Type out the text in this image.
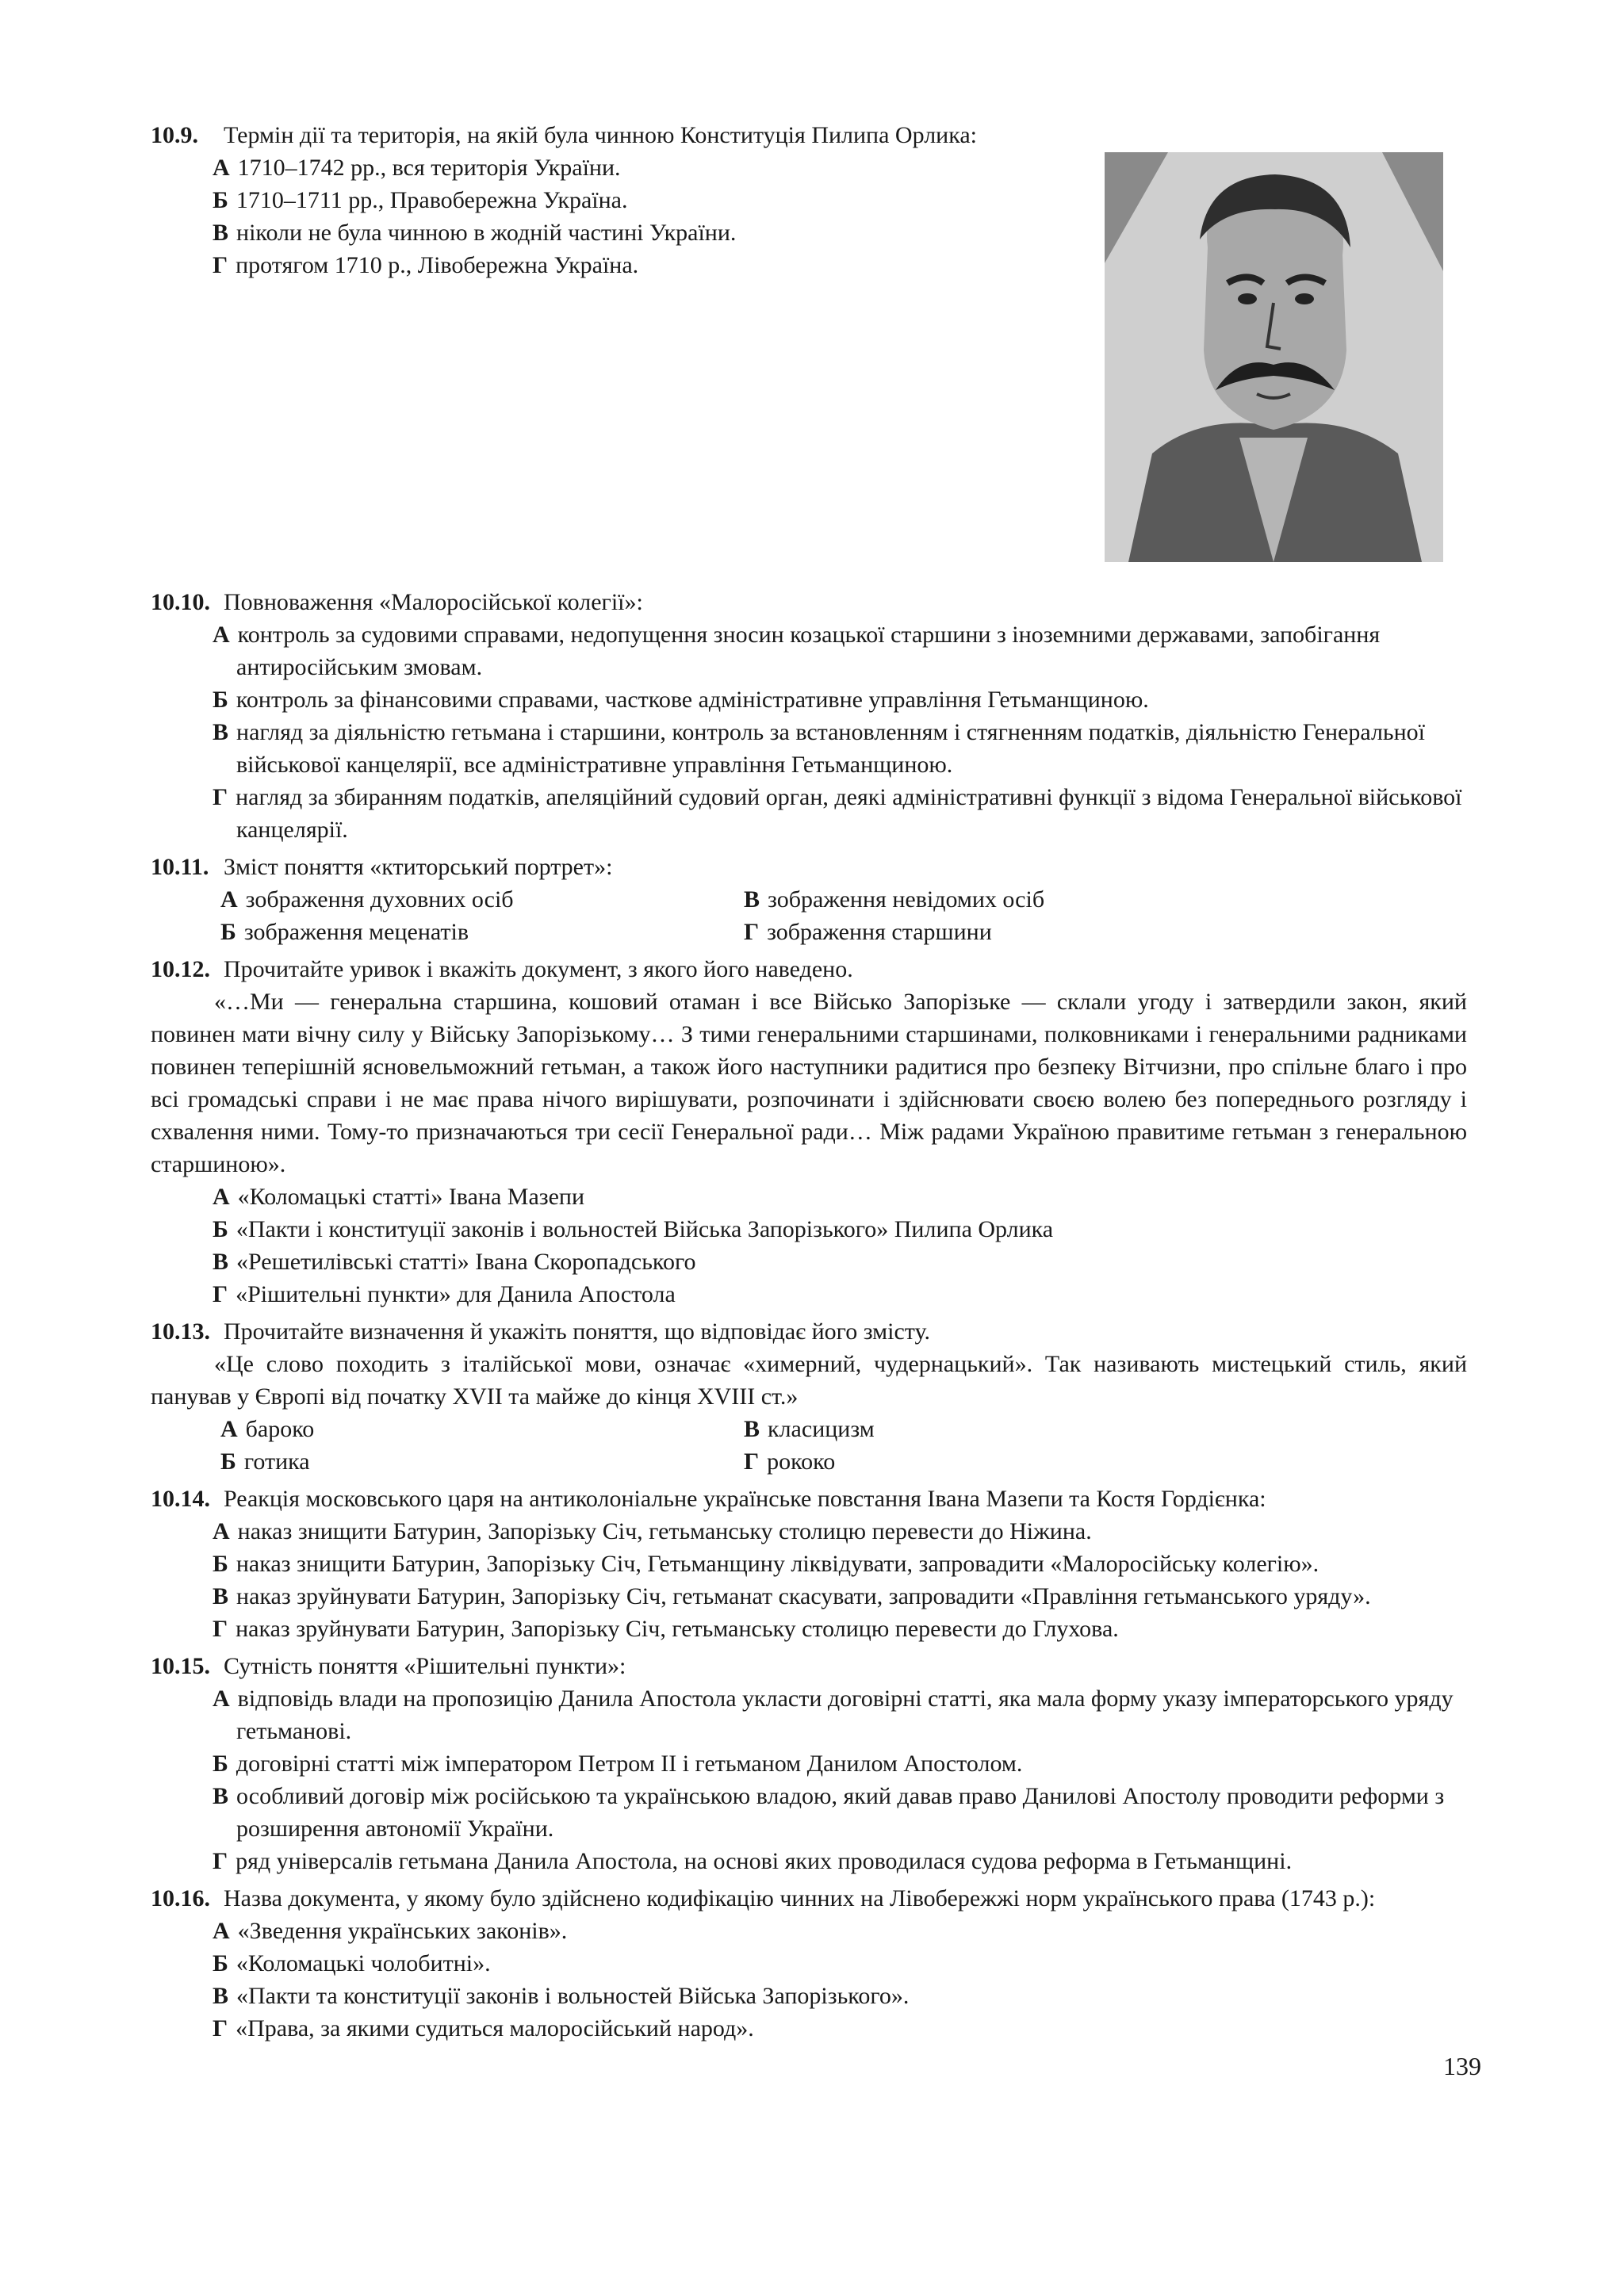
10.9. Термін дії та територія, на якій була чинною Конституція Пилипа Орлика:
А 1710–1742 рр., вся територія України.
Б 1710–1711 рр., Правобережна Україна.
В ніколи не була чинною в жодній частині України.
Г протягом 1710 р., Лівобережна Україна.
10.10. Повноваження «Малоросійської колегії»:
А контроль за судовими справами, недопущення зносин козацької старшини з іноземними державами, запобігання антиросійським змовам.
Б контроль за фінансовими справами, часткове адміністративне управління Гетьманщиною.
В нагляд за діяльністю гетьмана і старшини, контроль за встановленням і стягненням податків, діяльністю Генеральної військової канцелярії, все адміністративне управління Гетьманщиною.
Г нагляд за збиранням податків, апеляційний судовий орган, деякі адміністративні функції з відома Генеральної військової канцелярії.
10.11. Зміст поняття «ктиторський портрет»:
А зображення духовних осіб	В зображення невідомих осіб
Б зображення меценатів	Г зображення старшини
10.12. Прочитайте уривок і вкажіть документ, з якого його наведено.
«…Ми — генеральна старшина, кошовий отаман і все Військо Запорізьке — склали угоду і затвердили закон, який повинен мати вічну силу у Війську Запорізькому… З тими генеральними старшинами, полковниками і генеральними радниками повинен теперішній ясновельможний гетьман, а також його наступники радитися про безпеку Вітчизни, про спільне благо і про всі громадські справи і не має права нічого вирішувати, розпочинати і здійснювати своєю волею без попереднього розгляду і схвалення ними. Тому-то призначаються три сесії Генеральної ради… Між радами Україною правитиме гетьман з генеральною старшиною».
А «Коломацькі статті» Івана Мазепи
Б «Пакти і конституції законів і вольностей Війська Запорізького» Пилипа Орлика
В «Решетилівські статті» Івана Скоропадського
Г «Рішительні пункти» для Данила Апостола
10.13. Прочитайте визначення й укажіть поняття, що відповідає його змісту.
«Це слово походить з італійської мови, означає «химерний, чудернацький». Так називають мистецький стиль, який панував у Європі від початку XVII та майже до кінця XVIII ст.»
А бароко	В класицизм
Б готика	Г рококо
10.14. Реакція московського царя на антиколоніальне українське повстання Івана Мазепи та Костя Гордієнка:
А наказ знищити Батурин, Запорізьку Січ, гетьманську столицю перевести до Ніжина.
Б наказ знищити Батурин, Запорізьку Січ, Гетьманщину ліквідувати, запровадити «Малоросійську колегію».
В наказ зруйнувати Батурин, Запорізьку Січ, гетьманат скасувати, запровадити «Правління гетьманського уряду».
Г наказ зруйнувати Батурин, Запорізьку Січ, гетьманську столицю перевести до Глухова.
10.15. Сутність поняття «Рішительні пункти»:
А відповідь влади на пропозицію Данила Апостола укласти договірні статті, яка мала форму указу імператорського уряду гетьманові.
Б договірні статті між імператором Петром II і гетьманом Данилом Апостолом.
В особливий договір між російською та українською владою, який давав право Данилові Апостолу проводити реформи з розширення автономії України.
Г ряд універсалів гетьмана Данила Апостола, на основі яких проводилася судова реформа в Гетьманщині.
10.16. Назва документа, у якому було здійснено кодифікацію чинних на Лівобережжі норм українського права (1743 р.):
А «Зведення українських законів».
Б «Коломацькі чолобитні».
В «Пакти та конституції законів і вольностей Війська Запорізького».
Г «Права, за якими судиться малоросійський народ».
139
